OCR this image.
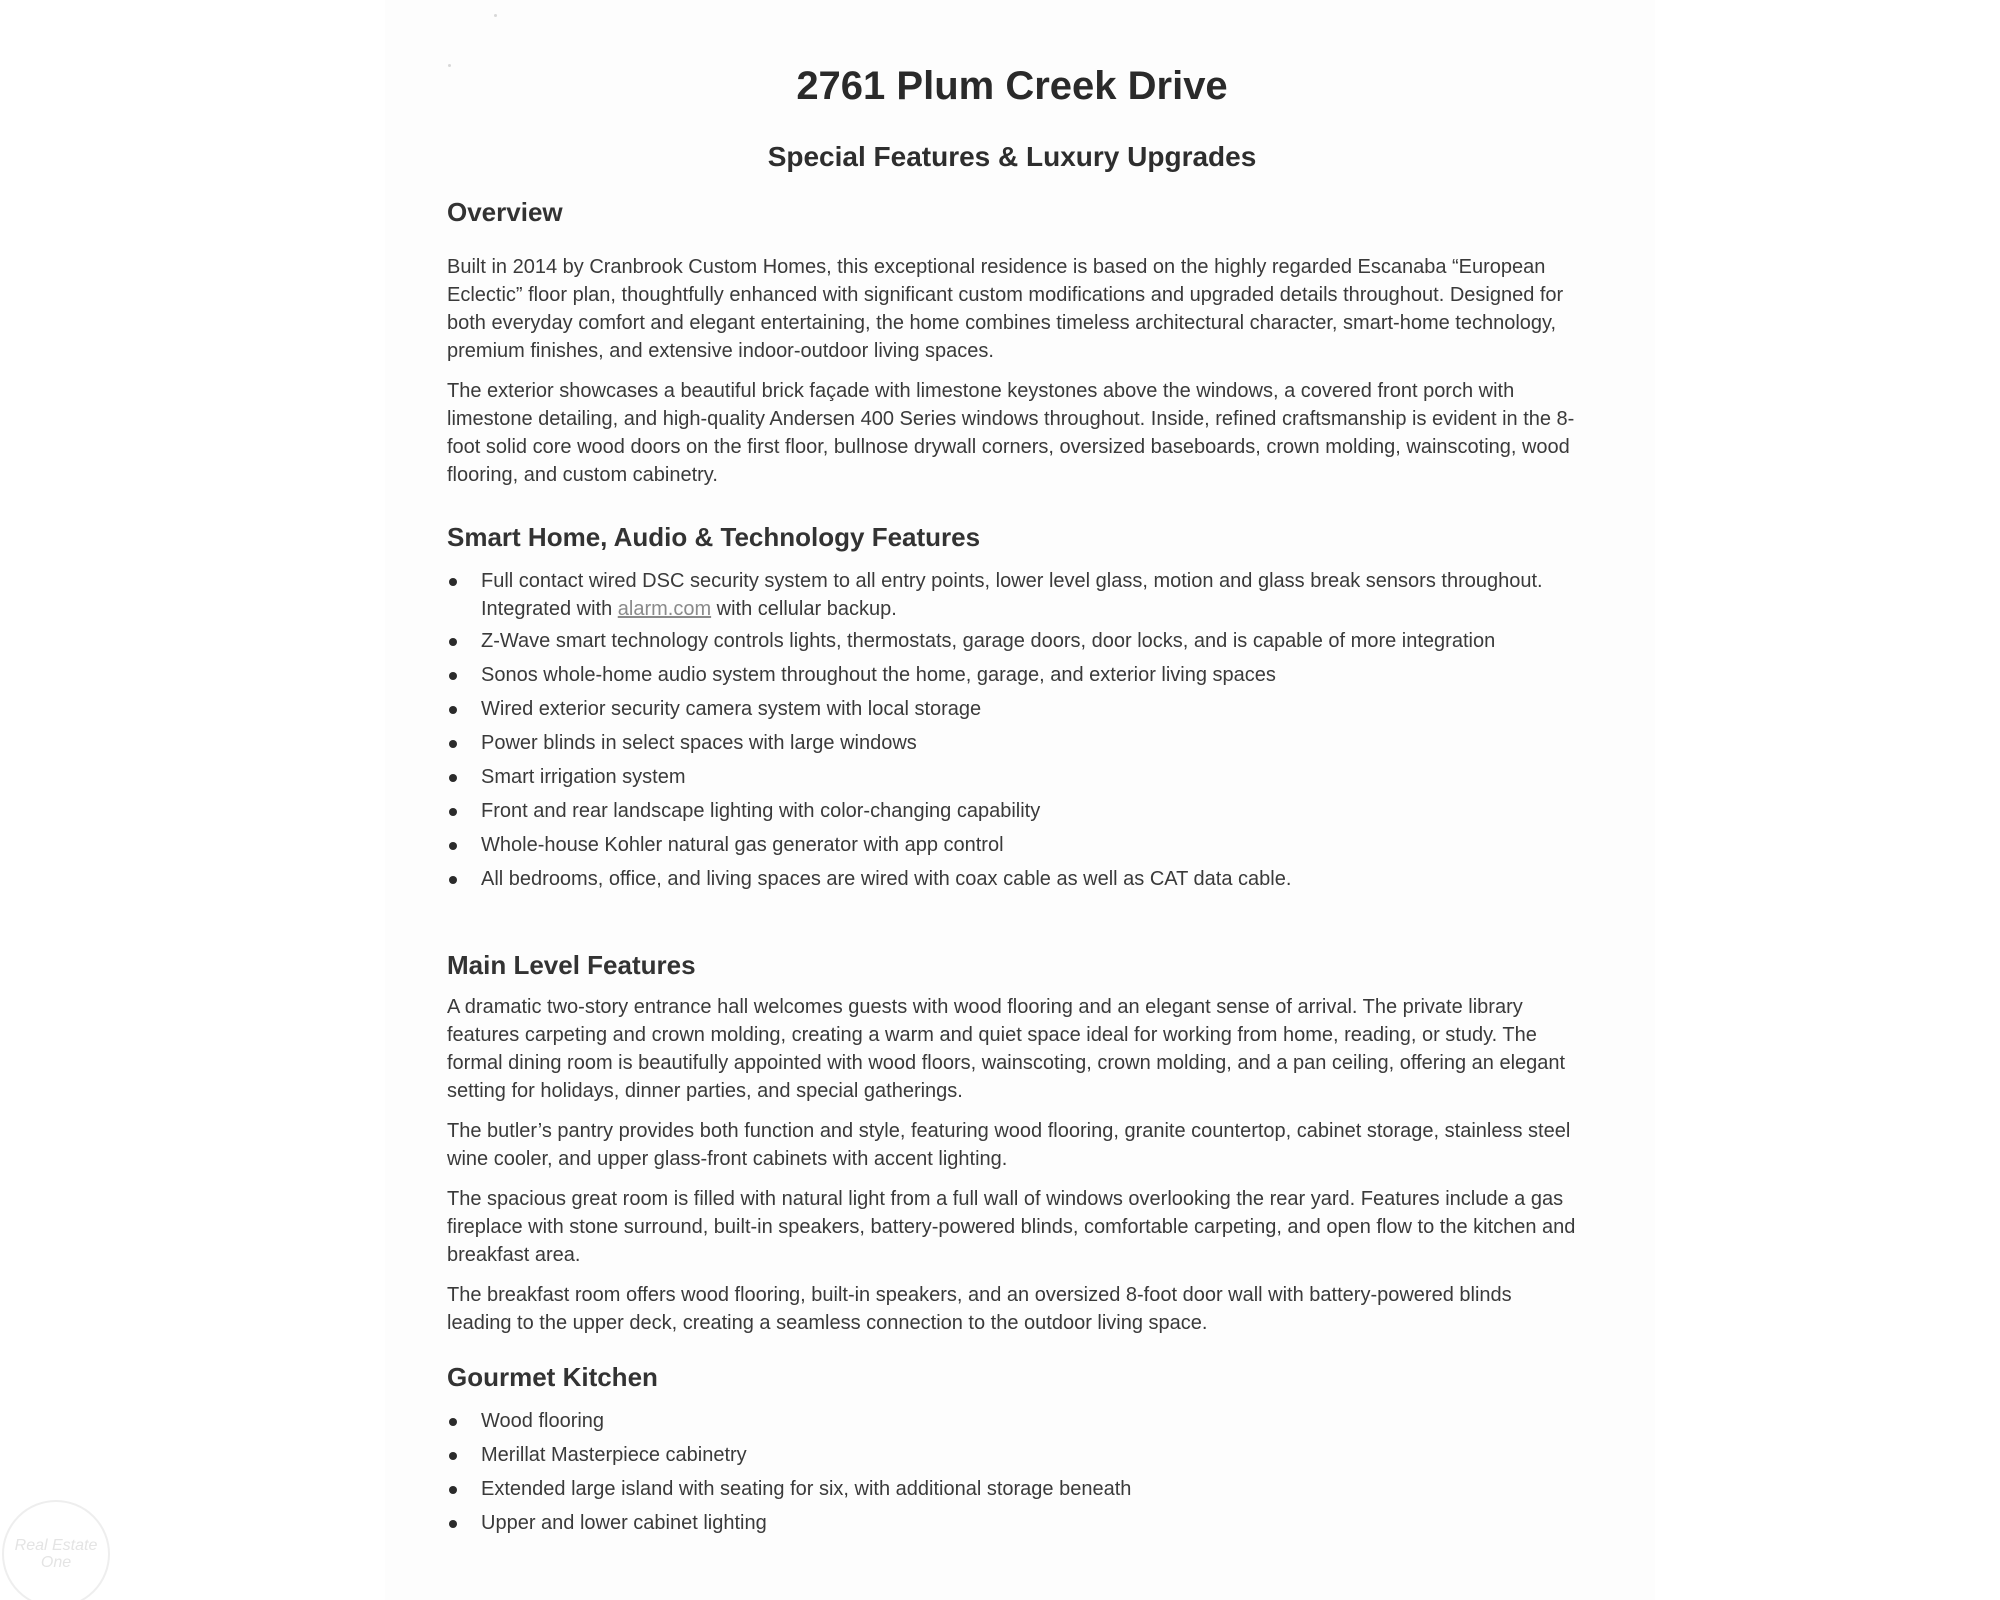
2761 Plum Creek Drive
Special Features & Luxury Upgrades
Overview

Built in 2014 by Cranbrook Custom Homes, this exceptional residence is based on the highly regarded Escanaba “European Eclectic” floor plan, thoughtfully enhanced with significant custom modifications and upgraded details throughout. Designed for both everyday comfort and elegant entertaining, the home combines timeless architectural character, smart-home technology, premium finishes, and extensive indoor-outdoor living spaces.

The exterior showcases a beautiful brick façade with limestone keystones above the windows, a covered front porch with limestone detailing, and high-quality Andersen 400 Series windows throughout. Inside, refined craftsmanship is evident in the 8-foot solid core wood doors on the first floor, bullnose drywall corners, oversized baseboards, crown molding, wainscoting, wood flooring, and custom cabinetry.

Smart Home, Audio & Technology Features
Full contact wired DSC security system to all entry points, lower level glass, motion and glass break sensors throughout. Integrated with alarm.com with cellular backup.
Z-Wave smart technology controls lights, thermostats, garage doors, door locks, and is capable of more integration
Sonos whole-home audio system throughout the home, garage, and exterior living spaces
Wired exterior security camera system with local storage
Power blinds in select spaces with large windows
Smart irrigation system
Front and rear landscape lighting with color-changing capability
Whole-house Kohler natural gas generator with app control
All bedrooms, office, and living spaces are wired with coax cable as well as CAT data cable.
Main Level Features

A dramatic two-story entrance hall welcomes guests with wood flooring and an elegant sense of arrival. The private library features carpeting and crown molding, creating a warm and quiet space ideal for working from home, reading, or study. The formal dining room is beautifully appointed with wood floors, wainscoting, crown molding, and a pan ceiling, offering an elegant setting for holidays, dinner parties, and special gatherings.

The butler’s pantry provides both function and style, featuring wood flooring, granite countertop, cabinet storage, stainless steel wine cooler, and upper glass-front cabinets with accent lighting.

The spacious great room is filled with natural light from a full wall of windows overlooking the rear yard. Features include a gas fireplace with stone surround, built-in speakers, battery-powered blinds, comfortable carpeting, and open flow to the kitchen and breakfast area.

The breakfast room offers wood flooring, built-in speakers, and an oversized 8-foot door wall with battery-powered blinds leading to the upper deck, creating a seamless connection to the outdoor living space.

Gourmet Kitchen
Wood flooring
Merillat Masterpiece cabinetry
Extended large island with seating for six, with additional storage beneath
Upper and lower cabinet lighting
Real Estate One
